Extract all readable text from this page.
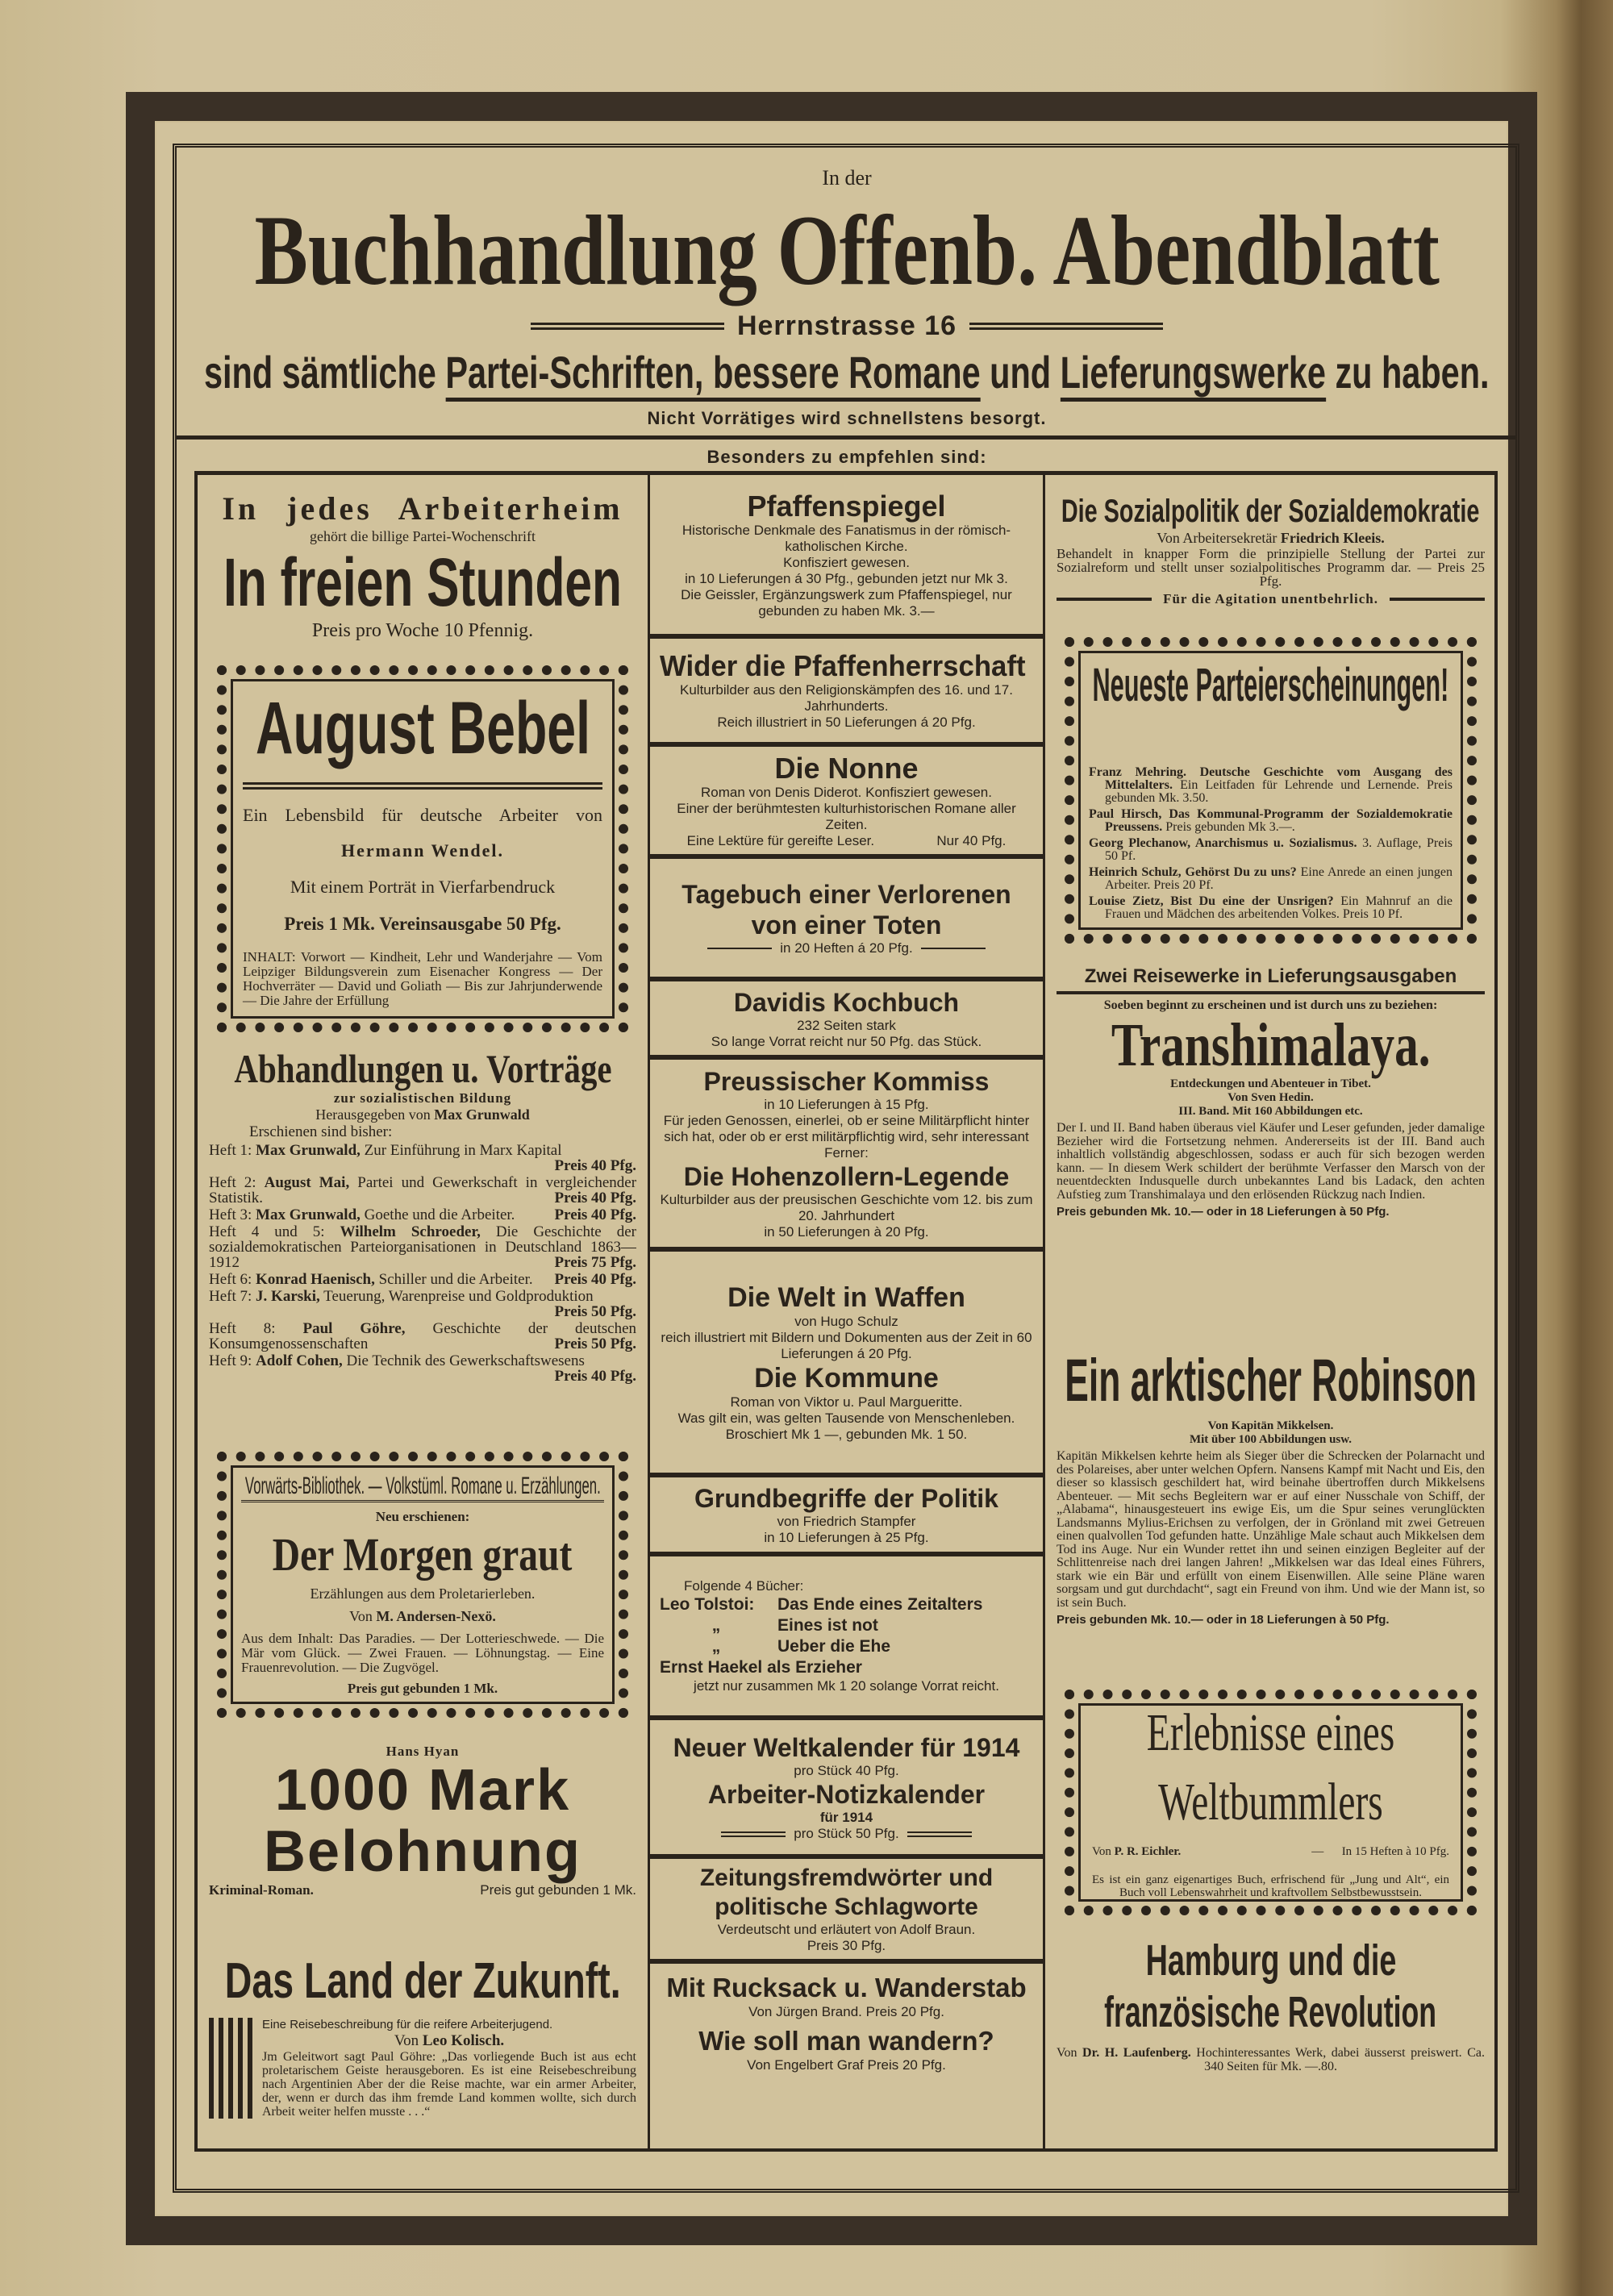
In der
Buchhandlung Offenb. Abendblatt
Herrnstrasse 16
sind sämtliche Partei-Schriften, bessere Romane und Lieferungswerke zu haben.
Nicht Vorrätiges wird schnellstens besorgt.
Besonders zu empfehlen sind:
In jedes Arbeiterheim
gehört die billige Partei-Wochenschrift
In freien Stunden
Preis pro Woche 10 Pfennig.
August Bebel
Ein Lebensbild für deutsche Arbeiter von
Hermann Wendel.
Mit einem Porträt in Vierfarbendruck
Preis 1 Mk. Vereinsausgabe 50 Pfg.
INHALT: Vorwort — Kindheit, Lehr und Wanderjahre — Vom Leipziger Bildungsverein zum Eisenacher Kongress — Der Hochverräter — David und Goliath — Bis zur Jahrjunderwende — Die Jahre der Erfüllung
Abhandlungen u. Vorträge
zur sozialistischen Bildung
Herausgegeben von Max Grunwald
Erschienen sind bisher:
Heft 1: Max Grunwald, Zur Einführung in Marx Kapital
Preis 40 Pfg.
Heft 2: August Mai, Partei und Gewerkschaft in vergleichender Statistik.	Preis 40 Pfg.
Heft 3: Max Grunwald, Goethe und die Arbeiter.	Preis 40 Pfg.
Heft 4 und 5: Wilhelm Schroeder, Die Geschichte der sozialdemokratischen Parteiorganisationen in Deutschland 1863—1912	Preis 75 Pfg.
Heft 6: Konrad Haenisch, Schiller und die Arbeiter.	Preis 40 Pfg.
Heft 7: J. Karski, Teuerung, Warenpreise und Goldproduktion
Preis 50 Pfg.
Heft 8: Paul Göhre, Geschichte der deutschen Konsumgenossenschaften	Preis 50 Pfg.
Heft 9: Adolf Cohen, Die Technik des Gewerkschaftswesens
Preis 40 Pfg.
Vorwärts-Bibliothek. — Volkstüml. Romane u. Erzählungen.
Neu erschienen:
Der Morgen graut
Erzählungen aus dem Proletarierleben.
Von M. Andersen-Nexö.
Aus dem Inhalt: Das Paradies. — Der Lotterieschwede. — Die Mär vom Glück. — Zwei Frauen. — Löhnungstag. — Eine Frauenrevolution. — Die Zugvögel.
Preis gut gebunden 1 Mk.
Hans Hyan
1000 Mark
Belohnung
Kriminal-Roman.	Preis gut gebunden 1 Mk.
Das Land der Zukunft.
Eine Reisebeschreibung für die reifere Arbeiterjugend.
Von Leo Kolisch.
Jm Geleitwort sagt Paul Göhre: „Das vorliegende Buch ist aus echt proletarischem Geiste herausgeboren. Es ist eine Reisebeschreibung nach Argentinien Aber der die Reise machte, war ein armer Arbeiter, der, wenn er durch das ihm fremde Land kommen wollte, sich durch Arbeit weiter helfen musste . . .“
Pfaffenspiegel
Historische Denkmale des Fanatismus in der römisch-katholischen Kirche.
Konfisziert gewesen.
in 10 Lieferungen á 30 Pfg., gebunden jetzt nur Mk 3.
Die Geissler, Ergänzungswerk zum Pfaffenspiegel, nur gebunden zu haben Mk. 3.—
Wider die Pfaffenherrschaft
Kulturbilder aus den Religionskämpfen des 16. und 17. Jahrhunderts.
Reich illustriert in 50 Lieferungen á 20 Pfg.
Die Nonne
Roman von Denis Diderot. Konfisziert gewesen.
Einer der berühmtesten kulturhistorischen Romane aller Zeiten.
Eine Lektüre für gereifte Leser.	Nur 40 Pfg.
Tagebuch einer Verlorenen von einer Toten
in 20 Heften á 20 Pfg.
Davidis Kochbuch
232 Seiten stark
So lange Vorrat reicht nur 50 Pfg. das Stück.
Preussischer Kommiss
in 10 Lieferungen à 15 Pfg.
Für jeden Genossen, einerlei, ob er seine Militärpflicht hinter sich hat, oder ob er erst militärpflichtig wird, sehr interessant Ferner:
Die Hohenzollern-Legende
Kulturbilder aus der preusischen Geschichte vom 12. bis zum 20. Jahrhundert
in 50 Lieferungen à 20 Pfg.
Die Welt in Waffen
von Hugo Schulz
reich illustriert mit Bildern und Dokumenten aus der Zeit in 60 Lieferungen á 20 Pfg.
Die Kommune
Roman von Viktor u. Paul Margueritte.
Was gilt ein, was gelten Tausende von Menschenleben.
Broschiert Mk 1 —, gebunden Mk. 1 50.
Grundbegriffe der Politik
von Friedrich Stampfer
in 10 Lieferungen à 25 Pfg.
Folgende 4 Bücher:
Leo Tolstoi:	Das Ende eines Zeitalters
„	Eines ist not
„	Ueber die Ehe
Ernst Haekel als Erzieher
jetzt nur zusammen Mk 1 20 solange Vorrat reicht.
Neuer Weltkalender für 1914
pro Stück 40 Pfg.
Arbeiter-Notizkalender
für 1914
pro Stück 50 Pfg.
Zeitungsfremdwörter und politische Schlagworte
Verdeutscht und erläutert von Adolf Braun.
Preis 30 Pfg.
Mit Rucksack u. Wanderstab
Von Jürgen Brand. Preis 20 Pfg.
Wie soll man wandern?
Von Engelbert Graf Preis 20 Pfg.
Die Sozialpolitik der Sozialdemokratie
Von Arbeitersekretär Friedrich Kleeis.
Behandelt in knapper Form die prinzipielle Stellung der Partei zur Sozialreform und stellt unser sozialpolitisches Programm dar. — Preis 25 Pfg.
Für die Agitation unentbehrlich.
Neueste Parteierscheinungen!
Franz Mehring. Deutsche Geschichte vom Ausgang des Mittelalters. Ein Leitfaden für Lehrende und Lernende. Preis gebunden Mk. 3.50.
Paul Hirsch, Das Kommunal-Programm der Sozialdemokratie Preussens. Preis gebunden Mk 3.—.
Georg Plechanow, Anarchismus u. Sozialismus. 3. Auflage, Preis 50 Pf.
Heinrich Schulz, Gehörst Du zu uns? Eine Anrede an einen jungen Arbeiter. Preis 20 Pf.
Louise Zietz, Bist Du eine der Unsrigen? Ein Mahnruf an die Frauen und Mädchen des arbeitenden Volkes. Preis 10 Pf.
Zwei Reisewerke in Lieferungsausgaben
Soeben beginnt zu erscheinen und ist durch uns zu beziehen:
Transhimalaya.
Entdeckungen und Abenteuer in Tibet.
Von Sven Hedin.
III. Band. Mit 160 Abbildungen etc.
Der I. und II. Band haben überaus viel Käufer und Leser gefunden, jeder damalige Bezieher wird die Fortsetzung nehmen. Andererseits ist der III. Band auch inhaltlich vollständig abgeschlossen, sodass er auch für sich bezogen werden kann. — In diesem Werk schildert der berühmte Verfasser den Marsch von der neuentdeckten Indusquelle durch unbekanntes Land bis Ladack, den achten Aufstieg zum Transhimalaya und den erlösenden Rückzug nach Indien.
Preis gebunden Mk. 10.— oder in 18 Lieferungen à 50 Pfg.
Ein arktischer Robinson
Von Kapitän Mikkelsen.
Mit über 100 Abbildungen usw.
Kapitän Mikkelsen kehrte heim als Sieger über die Schrecken der Polarnacht und des Polareises, aber unter welchen Opfern. Nansens Kampf mit Nacht und Eis, den dieser so klassisch geschildert hat, wird beinahe übertroffen durch Mikkelsens Abenteuer. — Mit sechs Begleitern war er auf einer Nusschale von Schiff, der „Alabama“, hinausgesteuert ins ewige Eis, um die Spur seines verunglückten Landsmanns Mylius-Erichsen zu verfolgen, der in Grönland mit zwei Getreuen einen qualvollen Tod gefunden hatte. Unzählige Male schaut auch Mikkelsen dem Tod ins Auge. Nur ein Wunder rettet ihn und seinen einzigen Begleiter auf der Schlittenreise nach drei langen Jahren! „Mikkelsen war das Ideal eines Führers, stark wie ein Bär und erfüllt von einem Eisenwillen. Alle seine Pläne waren sorgsam und gut durchdacht“, sagt ein Freund von ihm. Und wie der Mann ist, so ist sein Buch.
Preis gebunden Mk. 10.— oder in 18 Lieferungen à 50 Pfg.
Erlebnisse eines
Weltbummlers
Von P. R. Eichler.	—      In 15 Heften à 10 Pfg.
Es ist ein ganz eigenartiges Buch, erfrischend für „Jung und Alt“, ein Buch voll Lebenswahrheit und kraftvollem Selbstbewusstsein.
Hamburg und die
französische Revolution
Von Dr. H. Laufenberg. Hochinteressantes Werk, dabei äusserst preiswert. Ca. 340 Seiten für Mk. —.80.
